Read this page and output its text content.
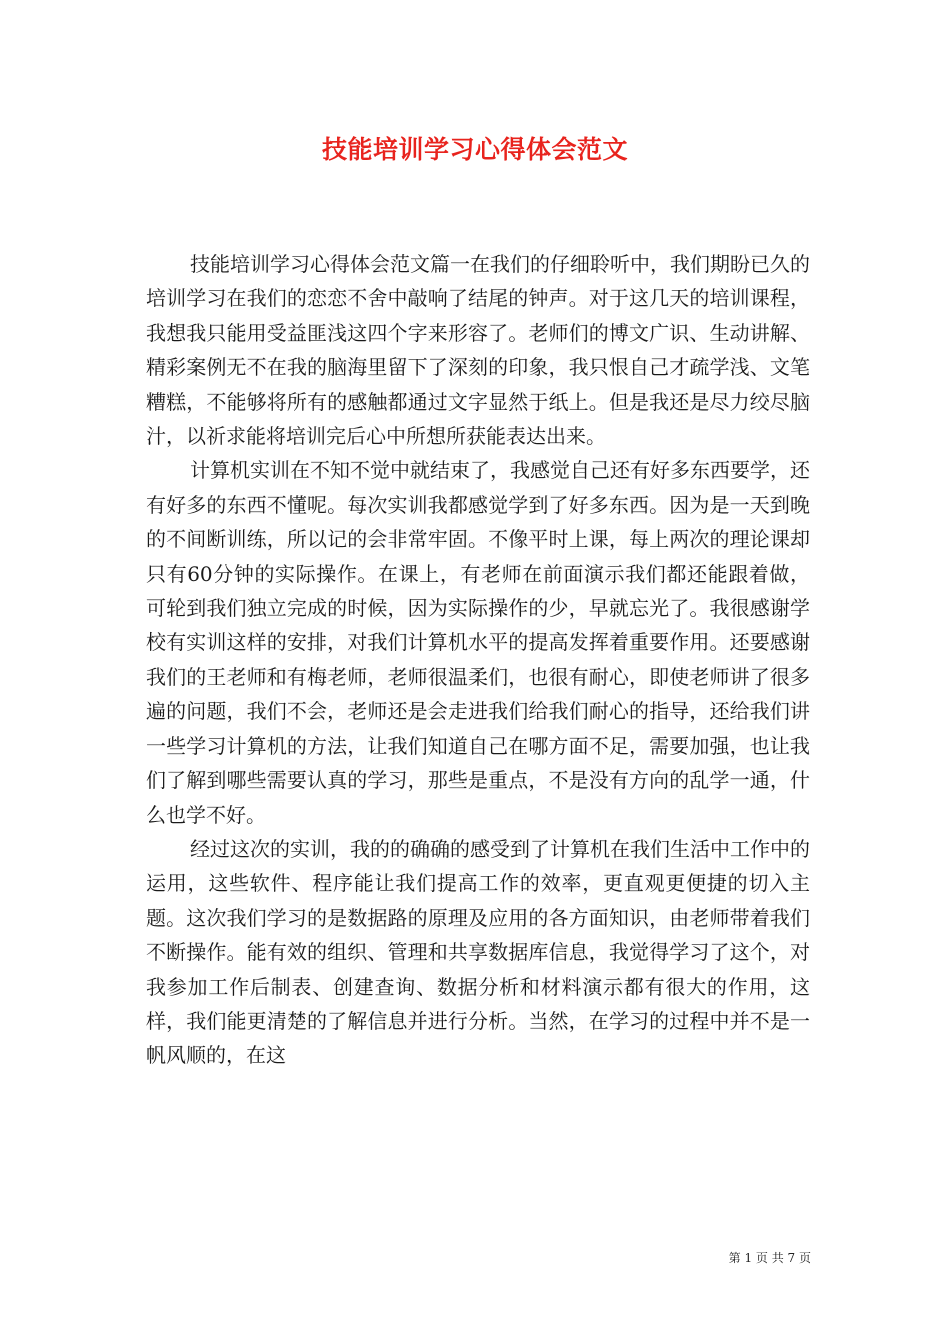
技能培训学习心得体会范文

技能培训学习心得体会范文篇一在我们的仔细聆听中，我们期盼已久的培训学习在我们的恋恋不舍中敲响了结尾的钟声。对于这几天的培训课程，我想我只能用受益匪浅这四个字来形容了。老师们的博文广识、生动讲解、精彩案例无不在我的脑海里留下了深刻的印象，我只恨自己才疏学浅、文笔糟糕，不能够将所有的感触都通过文字显然于纸上。但是我还是尽力绞尽脑汁，以祈求能将培训完后心中所想所获能表达出来。

计算机实训在不知不觉中就结束了，我感觉自己还有好多东西要学，还有好多的东西不懂呢。每次实训我都感觉学到了好多东西。因为是一天到晚的不间断训练，所以记的会非常牢固。不像平时上课，每上两次的理论课却只有60分钟的实际操作。在课上，有老师在前面演示我们都还能跟着做，可轮到我们独立完成的时候，因为实际操作的少，早就忘光了。我很感谢学校有实训这样的安排，对我们计算机水平的提高发挥着重要作用。还要感谢我们的王老师和有梅老师，老师很温柔们，也很有耐心，即使老师讲了很多遍的问题，我们不会，老师还是会走进我们给我们耐心的指导，还给我们讲一些学习计算机的方法，让我们知道自己在哪方面不足，需要加强，也让我们了解到哪些需要认真的学习，那些是重点，不是没有方向的乱学一通，什么也学不好。

经过这次的实训，我的的确确的感受到了计算机在我们生活中工作中的运用，这些软件、程序能让我们提高工作的效率，更直观更便捷的切入主题。这次我们学习的是数据路的原理及应用的各方面知识，由老师带着我们不断操作。能有效的组织、管理和共享数据库信息，我觉得学习了这个，对我参加工作后制表、创建查询、数据分析和材料演示都有很大的作用，这样，我们能更清楚的了解信息并进行分析。当然，在学习的过程中并不是一帆风顺的，在这

第 1 页 共 7 页
